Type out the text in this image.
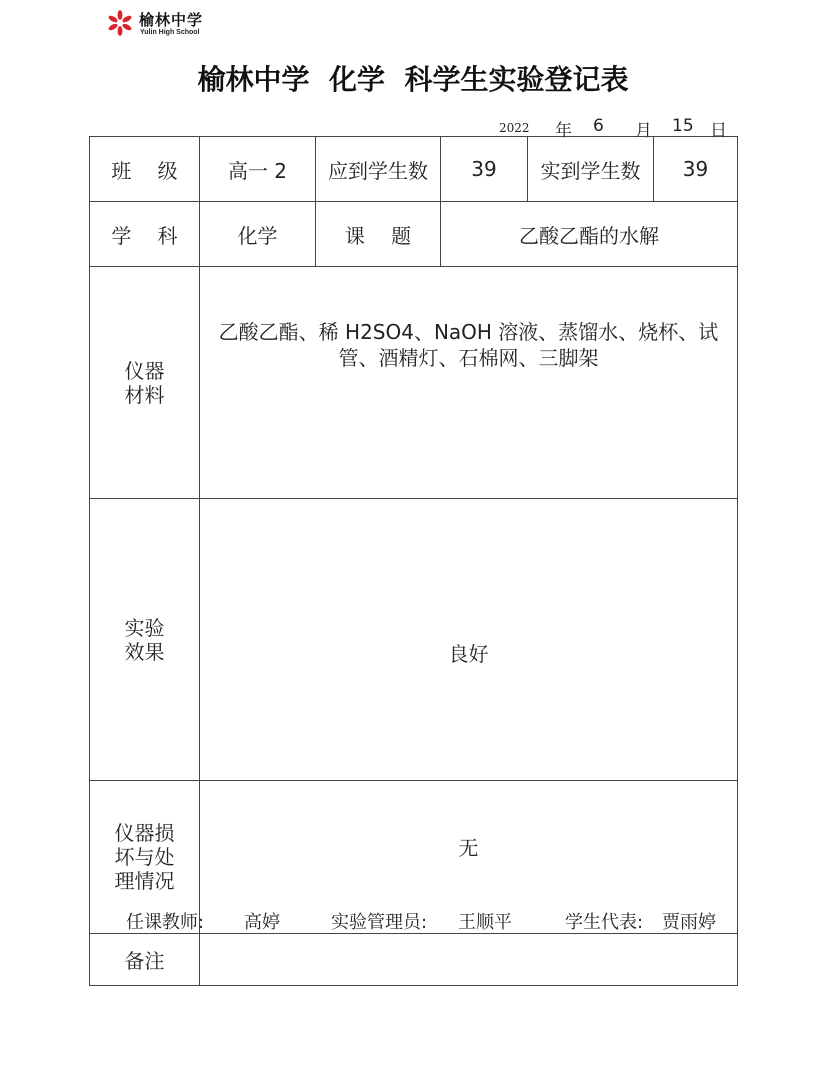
榆林中学
Yulin High School
榆林中学  化学  科学生实验登记表
2022 年 6 月 15 日
班 级	高一 2	应到学生数	39	实到学生数	39
学 科	化学	课 题	乙酸乙酯的水解		
仪器材料	乙酸乙酯、稀 H2SO4、NaOH 溶液、蒸馏水、烧杯、试管、酒精灯、石棉网、三脚架				
实验效果	良好				
仪器损坏与处理情况	无				
备注					
任课教师: 高婷	实验管理员: 王顺平	学生代表: 贾雨婷
